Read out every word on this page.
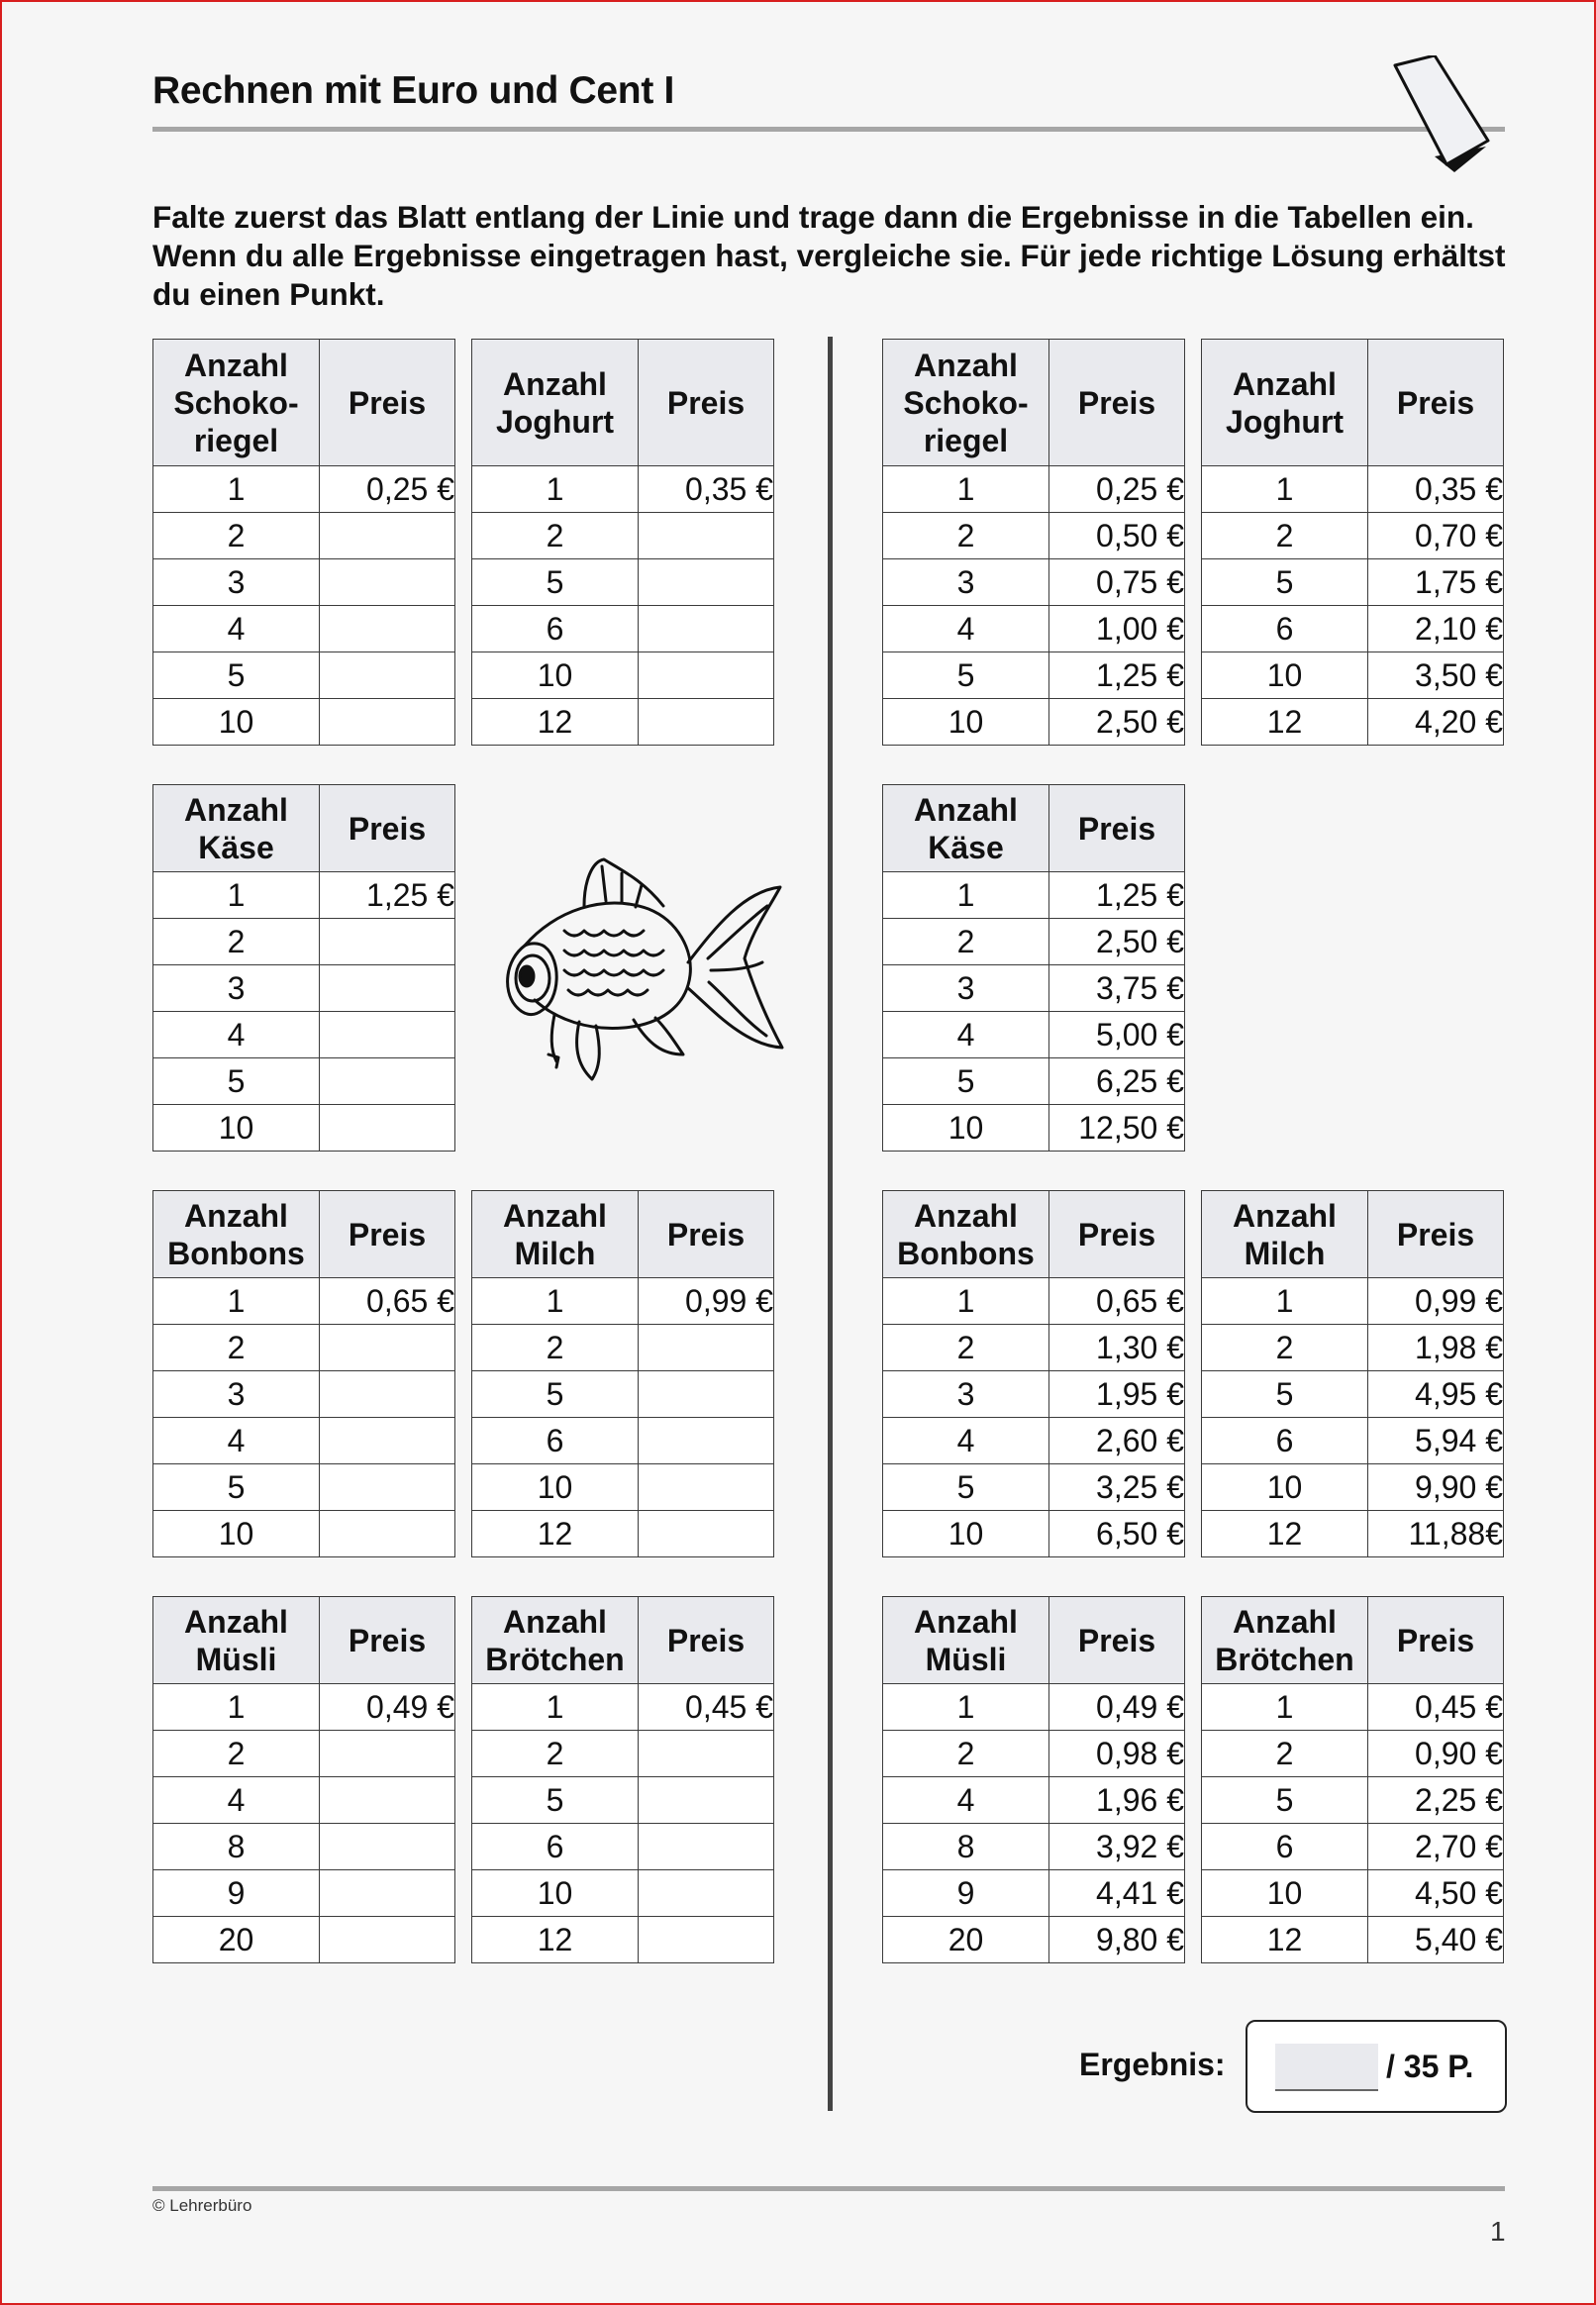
Rechnen mit Euro und Cent I
Falte zuerst das Blatt entlang der Linie und trage dann die Ergebnisse in die Tabellen ein. Wenn du alle Ergebnisse eingetragen hast, vergleiche sie. Für jede richtige Lösung erhältst du einen Punkt.
Anzahl Schoko-riegel	Preis
1	0,25 €
2	
3	
4	
5	
10	
Anzahl Joghurt	Preis
1	0,35 €
2	
5	
6	
10	
12	
Anzahl Käse	Preis
1	1,25 €
2	
3	
4	
5	
10	
Anzahl Bonbons	Preis
1	0,65 €
2	
3	
4	
5	
10	
Anzahl Milch	Preis
1	0,99 €
2	
5	
6	
10	
12	
Anzahl Müsli	Preis
1	0,49 €
2	
4	
8	
9	
20	
Anzahl Brötchen	Preis
1	0,45 €
2	
5	
6	
10	
12	
Anzahl Schoko-riegel	Preis
1	0,25 €
2	0,50 €
3	0,75 €
4	1,00 €
5	1,25 €
10	2,50 €
Anzahl Joghurt	Preis
1	0,35 €
2	0,70 €
5	1,75 €
6	2,10 €
10	3,50 €
12	4,20 €
Anzahl Käse	Preis
1	1,25 €
2	2,50 €
3	3,75 €
4	5,00 €
5	6,25 €
10	12,50 €
Anzahl Bonbons	Preis
1	0,65 €
2	1,30 €
3	1,95 €
4	2,60 €
5	3,25 €
10	6,50 €
Anzahl Milch	Preis
1	0,99 €
2	1,98 €
5	4,95 €
6	5,94 €
10	9,90 €
12	11,88€
Anzahl Müsli	Preis
1	0,49 €
2	0,98 €
4	1,96 €
8	3,92 €
9	4,41 €
20	9,80 €
Anzahl Brötchen	Preis
1	0,45 €
2	0,90 €
5	2,25 €
6	2,70 €
10	4,50 €
12	5,40 €
Ergebnis:	/ 35 P.
© Lehrerbüro
1
